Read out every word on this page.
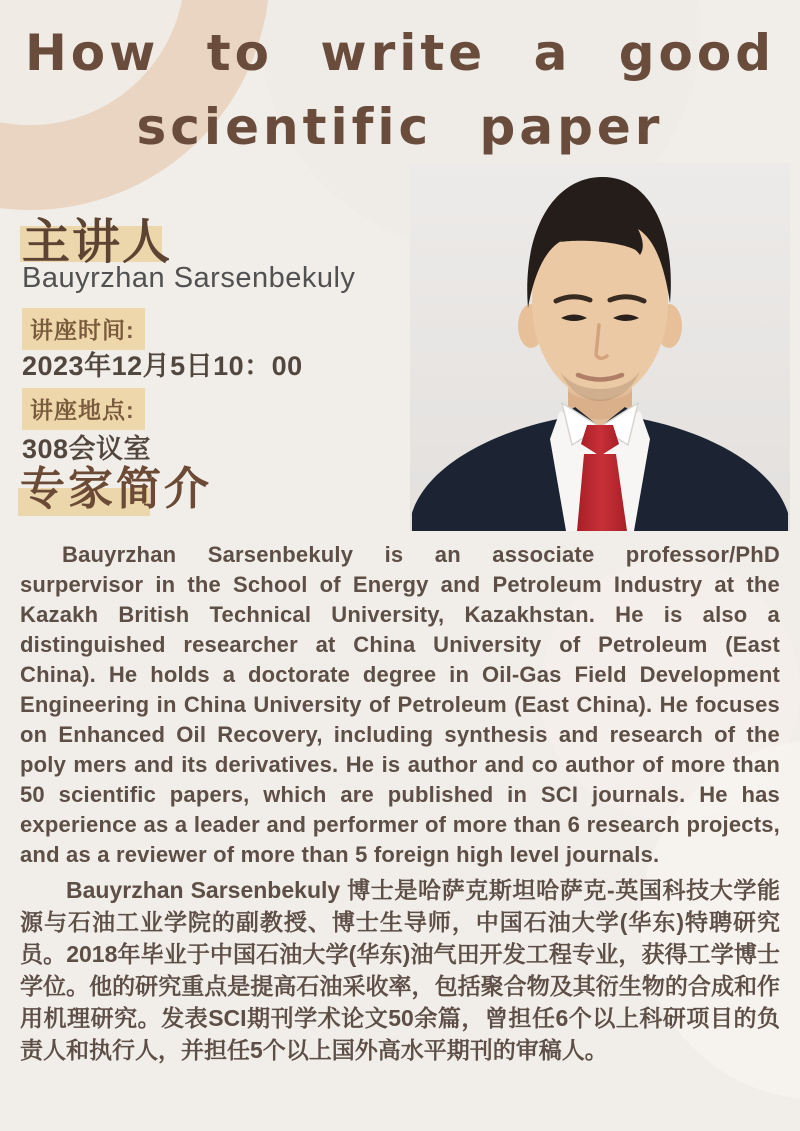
How to write a good
scientific paper
主讲人
Bauyrzhan Sarsenbekuly
讲座时间:
2023年12月5日10：00
讲座地点:
308会议室
专家简介

Bauyrzhan Sarsenbekuly is an associate professor/PhD surpervisor in the School of Energy and Petroleum Industry at the Kazakh British Technical University, Kazakhstan. He is also a distinguished researcher at China University of Petroleum (East China). He holds a doctorate degree in Oil-Gas Field Development Engineering in China University of Petroleum (East China). He focuses on Enhanced Oil Recovery, including synthesis and research of the poly mers and its derivatives. He is author and co author of more than 50 scientific papers, which are published in SCI journals. He has experience as a leader and performer of more than 6 research projects, and as a reviewer of more than 5 foreign high level journals.

Bauyrzhan Sarsenbekuly 博士是哈萨克斯坦哈萨克-英国科技大学能源与石油工业学院的副教授、博士生导师，中国石油大学(华东)特聘研究员。2018年毕业于中国石油大学(华东)油气田开发工程专业，获得工学博士学位。他的研究重点是提高石油采收率，包括聚合物及其衍生物的合成和作用机理研究。发表SCI期刊学术论文50余篇，曾担任6个以上科研项目的负责人和执行人，并担任5个以上国外高水平期刊的审稿人。
